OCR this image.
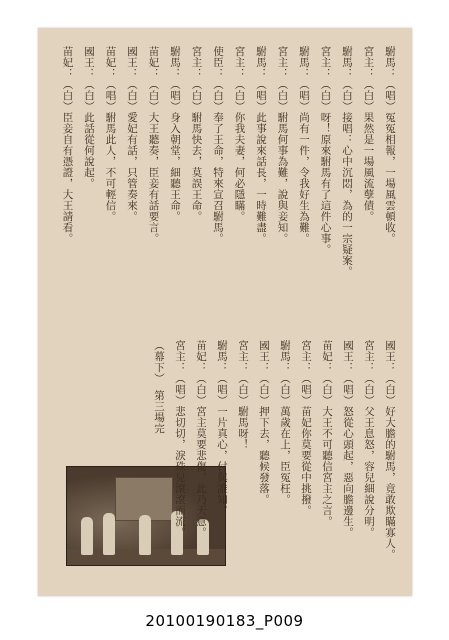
駙馬：（唱）冤冤相報，一場風雲頓收。
宮主：（白）果然是一場風流孽債。
駙馬：（白）接唱：心中沉悶，為的一宗疑案。
宮主：（白）呀！原來駙馬有了這件心事。
駙馬：（唱）尚有一件，令我好生為難。
宮主：（白）駙馬何事為難，說與妾知。
駙馬：（唱）此事說來話長，一時難盡。
宮主：（白）你我夫妻，何必隱瞞。
使臣：（白）奉了王命，特來宣召駙馬。
宮主：（白）駙馬快去，莫誤王命。
駙馬：（唱）身入朝堂，細聽王命。
苗妃：（白）大王聽奏，臣妾有話要言。
國王：（白）愛妃有話，只管奏來。
苗妃：（唱）駙馬此人，不可輕信。
國王：（白）此話從何說起。
苗妃：（白）臣妾自有憑證，大王請看。
國王：（白）好大膽的駙馬，竟敢欺瞞寡人。
宮主：（白）父王息怒，容兒細說分明。
國王：（唱）怒從心頭起，惡向膽邊生。
苗妃：（白）大王不可聽信宮主之言。
宮主：（唱）苗妃你莫要從中挑撥。
駙馬：（白）萬歲在上，臣冤枉。
國王：（白）押下去，聽候發落。
宮主：（白）駙馬呀！
駙馬：（唱）一片真心，付與誰知。
苗妃：（白）宮主莫要悲傷，此乃天意。
宮主：（唱）悲切切，淚珠兒滾滾而流。
（幕下）　第三場完
20100190183_P009
